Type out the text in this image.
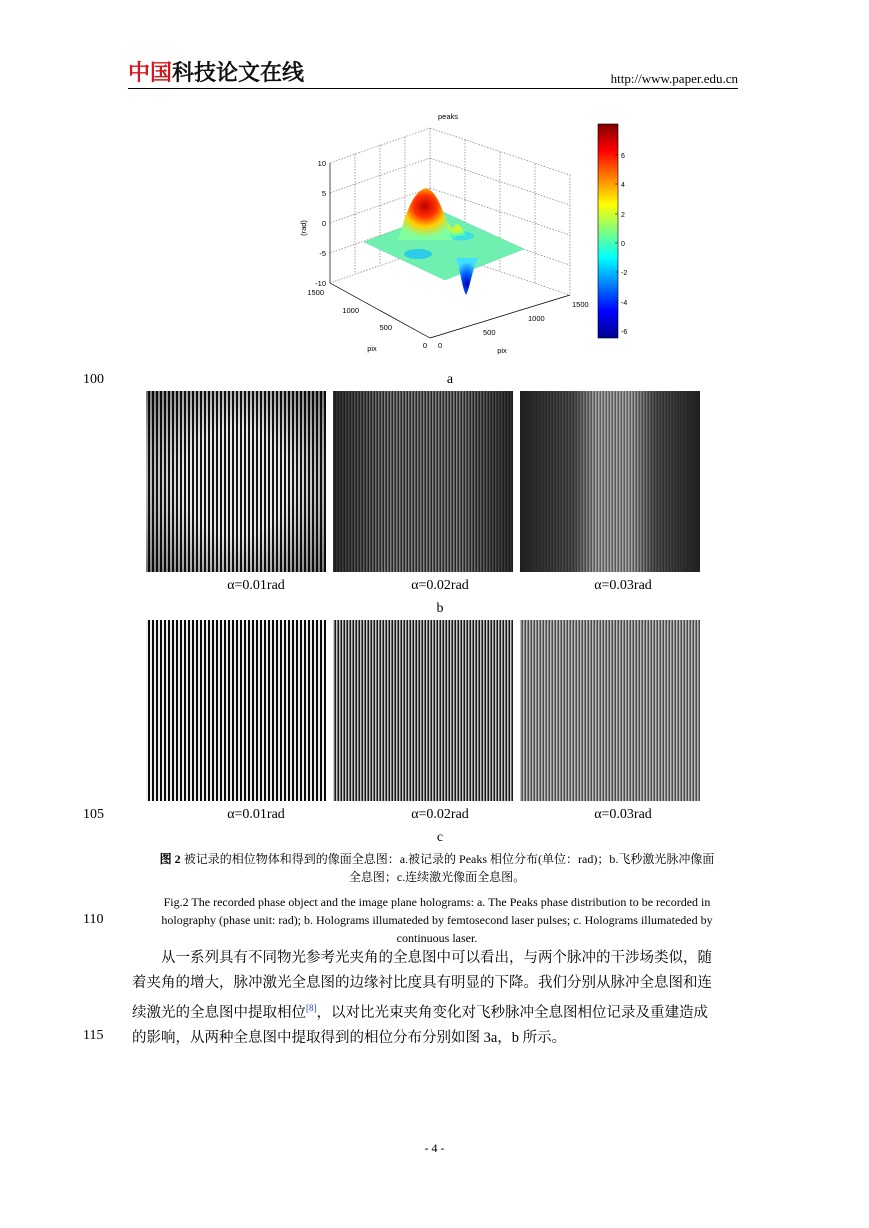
中国科技论文在线	http://www.paper.edu.cn
10
5
0
-5
-10
(rad)
peaks
1500
1000
500
0
pix	0
500
1000
1500
pix
6
4
2
0
-2
-4
-6
100	a
α=0.01rad	α=0.02rad	α=0.03rad
b
105	α=0.01rad	α=0.02rad	α=0.03rad
c
图 2 被记录的相位物体和得到的像面全息图：a.被记录的 Peaks 相位分布(单位：rad)；b.飞秒激光脉冲像面
全息图；c.连续激光像面全息图。
Fig.2 The recorded phase object and the image plane holograms: a. The Peaks phase distribution to be recorded in
holography (phase unit: rad); b. Holograms illumateded by femtosecond laser pulses; c. Holograms illumateded by
continuous laser.
110
从一系列具有不同物光参考光夹角的全息图中可以看出，与两个脉冲的干涉场类似，随
着夹角的增大，脉冲激光全息图的边缘衬比度具有明显的下降。我们分别从脉冲全息图和连
续激光的全息图中提取相位[8]，以对比光束夹角变化对飞秒脉冲全息图相位记录及重建造成
的影响，从两种全息图中提取得到的相位分布分别如图 3a，b 所示。
115
- 4 -
